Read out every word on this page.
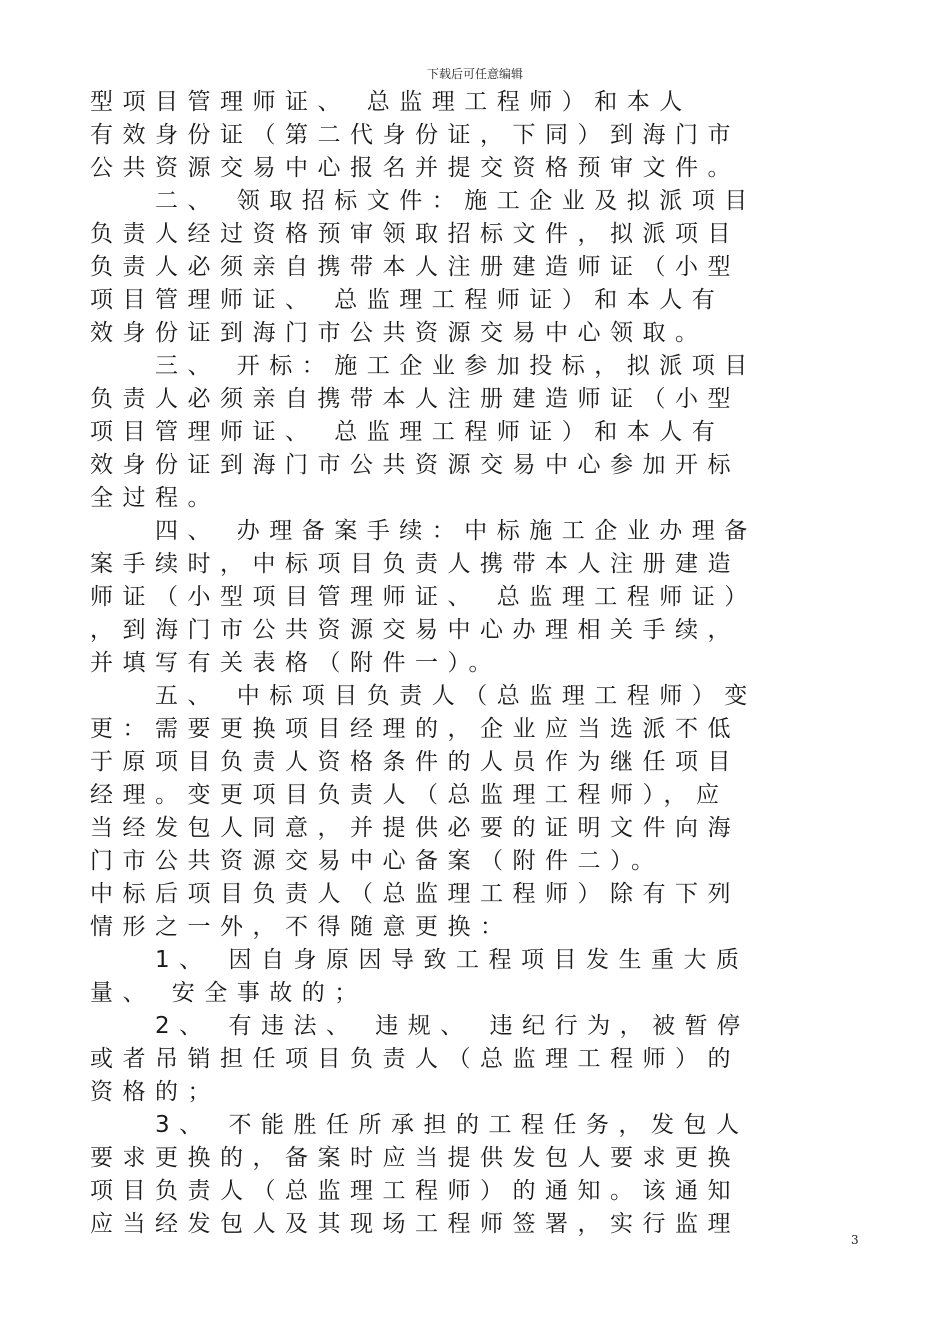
下载后可任意编辑
型项目管理师证、 总监理工程师）和本人
有效身份证（第二代身份证，下同）到海门市
公共资源交易中心报名并提交资格预审文件。
　　二、 领取招标文件：施工企业及拟派项目
负责人经过资格预审领取招标文件，拟派项目
负责人必须亲自携带本人注册建造师证（小型
项目管理师证、 总监理工程师证）和本人有
效身份证到海门市公共资源交易中心领取。
　　三、 开标：施工企业参加投标，拟派项目
负责人必须亲自携带本人注册建造师证（小型
项目管理师证、 总监理工程师证）和本人有
效身份证到海门市公共资源交易中心参加开标
全过程。
　　四、 办理备案手续：中标施工企业办理备
案手续时，中标项目负责人携带本人注册建造
师证（小型项目管理师证、 总监理工程师证）
，到海门市公共资源交易中心办理相关手续，
并填写有关表格（附件一）。
　　五、 中标项目负责人（总监理工程师）变
更：需要更换项目经理的，企业应当选派不低
于原项目负责人资格条件的人员作为继任项目
经理。变更项目负责人（总监理工程师），应
当经发包人同意，并提供必要的证明文件向海
门市公共资源交易中心备案（附件二）。
中标后项目负责人（总监理工程师）除有下列
情形之一外，不得随意更换：
　　1、 因自身原因导致工程项目发生重大质
量、 安全事故的；
　　2、 有违法、 违规、 违纪行为，被暂停
或者吊销担任项目负责人（总监理工程师）的
资格的；
　　3、 不能胜任所承担的工程任务，发包人
要求更换的，备案时应当提供发包人要求更换
项目负责人（总监理工程师）的通知。该通知
应当经发包人及其现场工程师签署，实行监理
3
